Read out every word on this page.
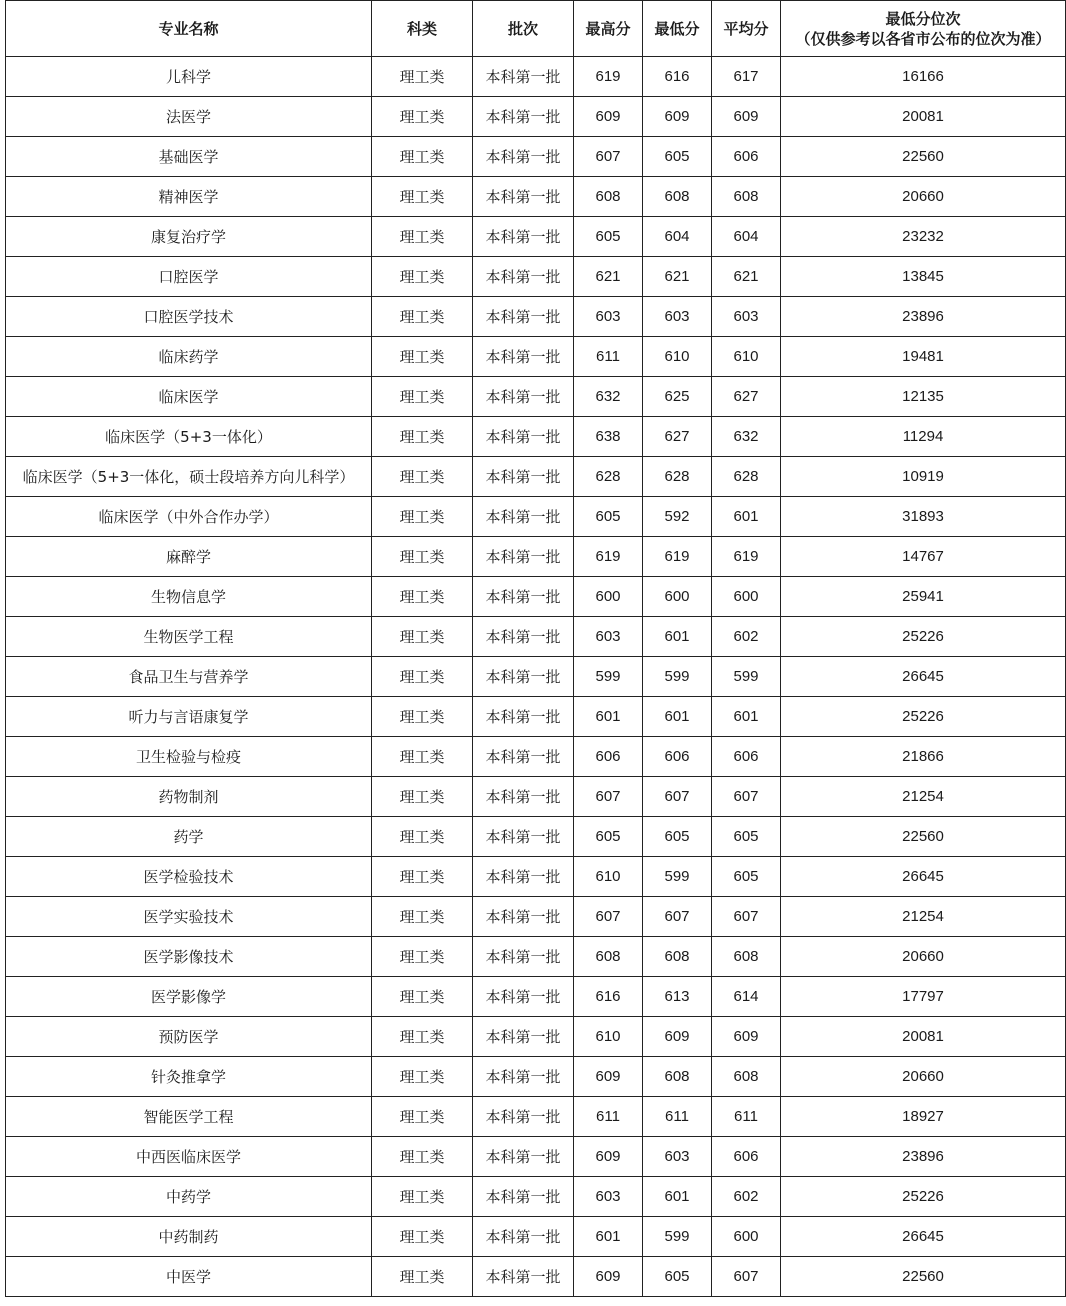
专业名称	科类	批次	最高分	最低分	平均分	最低分位次
（仅供参考以各省市公布的位次为准）

儿科学	理工类	本科第一批	619	616	617	16166
法医学	理工类	本科第一批	609	609	609	20081
基础医学	理工类	本科第一批	607	605	606	22560
精神医学	理工类	本科第一批	608	608	608	20660
康复治疗学	理工类	本科第一批	605	604	604	23232
口腔医学	理工类	本科第一批	621	621	621	13845
口腔医学技术	理工类	本科第一批	603	603	603	23896
临床药学	理工类	本科第一批	611	610	610	19481
临床医学	理工类	本科第一批	632	625	627	12135
临床医学（5+3一体化）	理工类	本科第一批	638	627	632	11294
临床医学（5+3一体化，硕士段培养方向儿科学）	理工类	本科第一批	628	628	628	10919
临床医学（中外合作办学）	理工类	本科第一批	605	592	601	31893
麻醉学	理工类	本科第一批	619	619	619	14767
生物信息学	理工类	本科第一批	600	600	600	25941
生物医学工程	理工类	本科第一批	603	601	602	25226
食品卫生与营养学	理工类	本科第一批	599	599	599	26645
听力与言语康复学	理工类	本科第一批	601	601	601	25226
卫生检验与检疫	理工类	本科第一批	606	606	606	21866
药物制剂	理工类	本科第一批	607	607	607	21254
药学	理工类	本科第一批	605	605	605	22560
医学检验技术	理工类	本科第一批	610	599	605	26645
医学实验技术	理工类	本科第一批	607	607	607	21254
医学影像技术	理工类	本科第一批	608	608	608	20660
医学影像学	理工类	本科第一批	616	613	614	17797
预防医学	理工类	本科第一批	610	609	609	20081
针灸推拿学	理工类	本科第一批	609	608	608	20660
智能医学工程	理工类	本科第一批	611	611	611	18927
中西医临床医学	理工类	本科第一批	609	603	606	23896
中药学	理工类	本科第一批	603	601	602	25226
中药制药	理工类	本科第一批	601	599	600	26645
中医学	理工类	本科第一批	609	605	607	22560
